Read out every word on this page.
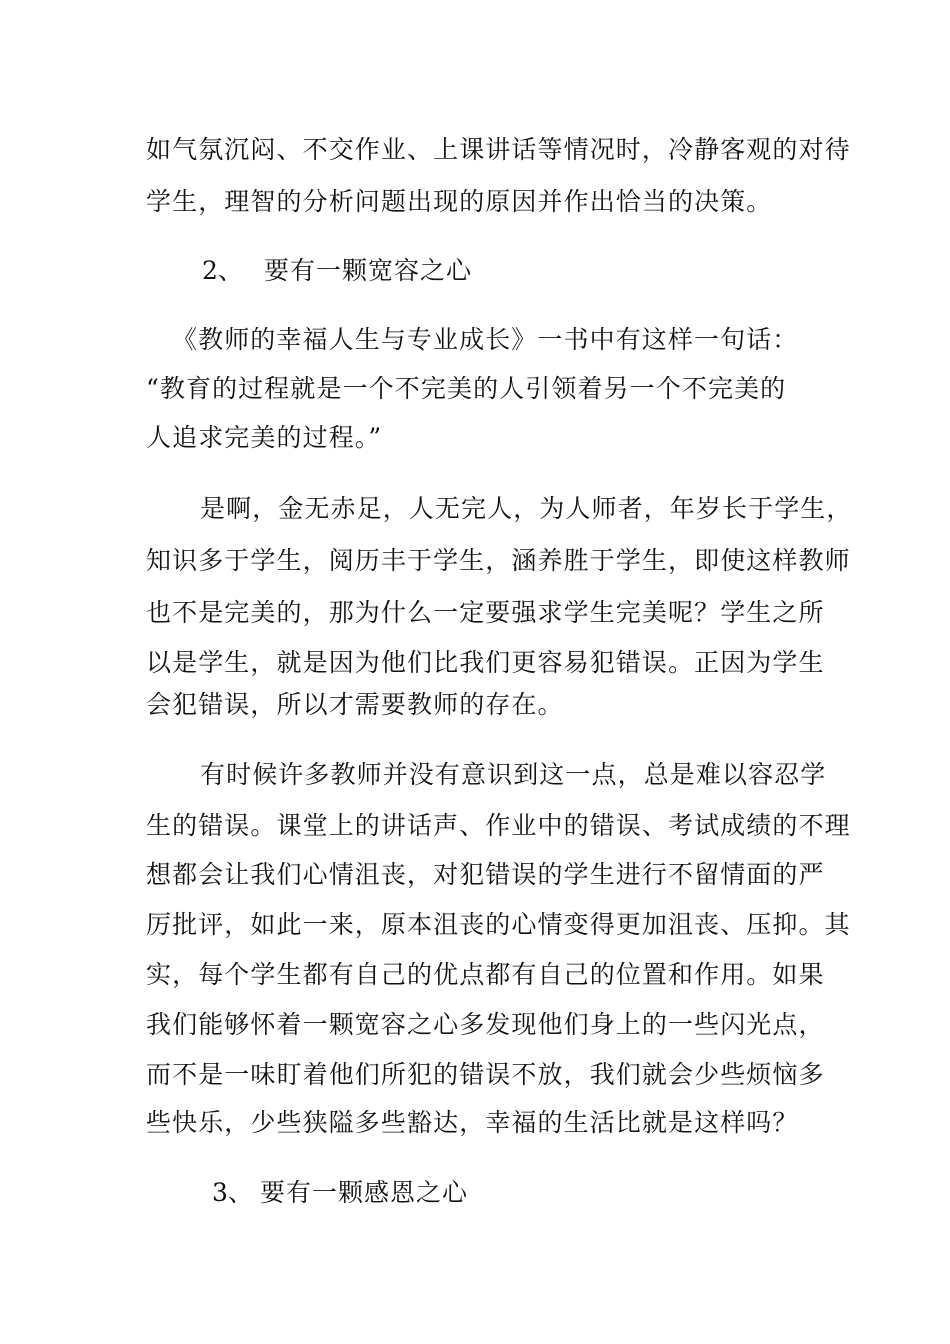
如气氛沉闷、不交作业、上课讲话等情况时，冷静客观的对待
学生，理智的分析问题出现的原因并作出恰当的决策。
2、 要有一颗宽容之心
《教师的幸福人生与专业成长》一书中有这样一句话：
“教育的过程就是一个不完美的人引领着另一个不完美的
人追求完美的过程。”
是啊，金无赤足，人无完人，为人师者，年岁长于学生，
知识多于学生，阅历丰于学生，涵养胜于学生，即使这样教师
也不是完美的，那为什么一定要强求学生完美呢？学生之所
以是学生，就是因为他们比我们更容易犯错误。正因为学生
会犯错误，所以才需要教师的存在。
有时候许多教师并没有意识到这一点，总是难以容忍学
生的错误。课堂上的讲话声、作业中的错误、考试成绩的不理
想都会让我们心情沮丧，对犯错误的学生进行不留情面的严
厉批评，如此一来，原本沮丧的心情变得更加沮丧、压抑。其
实，每个学生都有自己的优点都有自己的位置和作用。如果
我们能够怀着一颗宽容之心多发现他们身上的一些闪光点，
而不是一味盯着他们所犯的错误不放，我们就会少些烦恼多
些快乐，少些狭隘多些豁达，幸福的生活比就是这样吗？
3、 要有一颗感恩之心
